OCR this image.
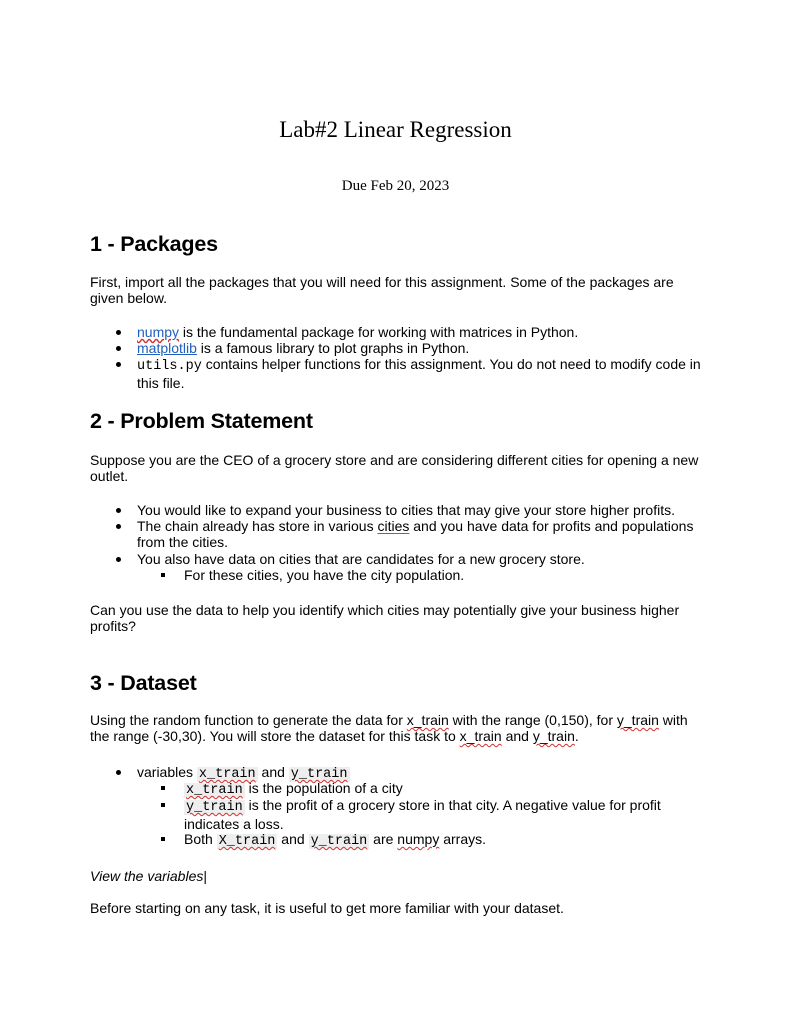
Lab#2 Linear Regression
Due Feb 20, 2023
1 - Packages

First, import all the packages that you will need for this assignment. Some of the packages are given below.

numpy is the fundamental package for working with matrices in Python.
matplotlib is a famous library to plot graphs in Python.
utils.py contains helper functions for this assignment. You do not need to modify code in this file.
2 - Problem Statement

Suppose you are the CEO of a grocery store and are considering different cities for opening a new outlet.

You would like to expand your business to cities that may give your store higher profits.
The chain already has store in various cities and you have data for profits and populations from the cities.
You also have data on cities that are candidates for a new grocery store.
For these cities, you have the city population.

Can you use the data to help you identify which cities may potentially give your business higher profits?

3 - Dataset

Using the random function to generate the data for x_train with the range (0,150), for y_train with the range (-30,30). You will store the dataset for this task to x_train and y_train.

variables x_train and y_train
x_train is the population of a city
y_train is the profit of a grocery store in that city. A negative value for profit indicates a loss.
Both X_train and y_train are numpy arrays.

View the variables|

Before starting on any task, it is useful to get more familiar with your dataset.
